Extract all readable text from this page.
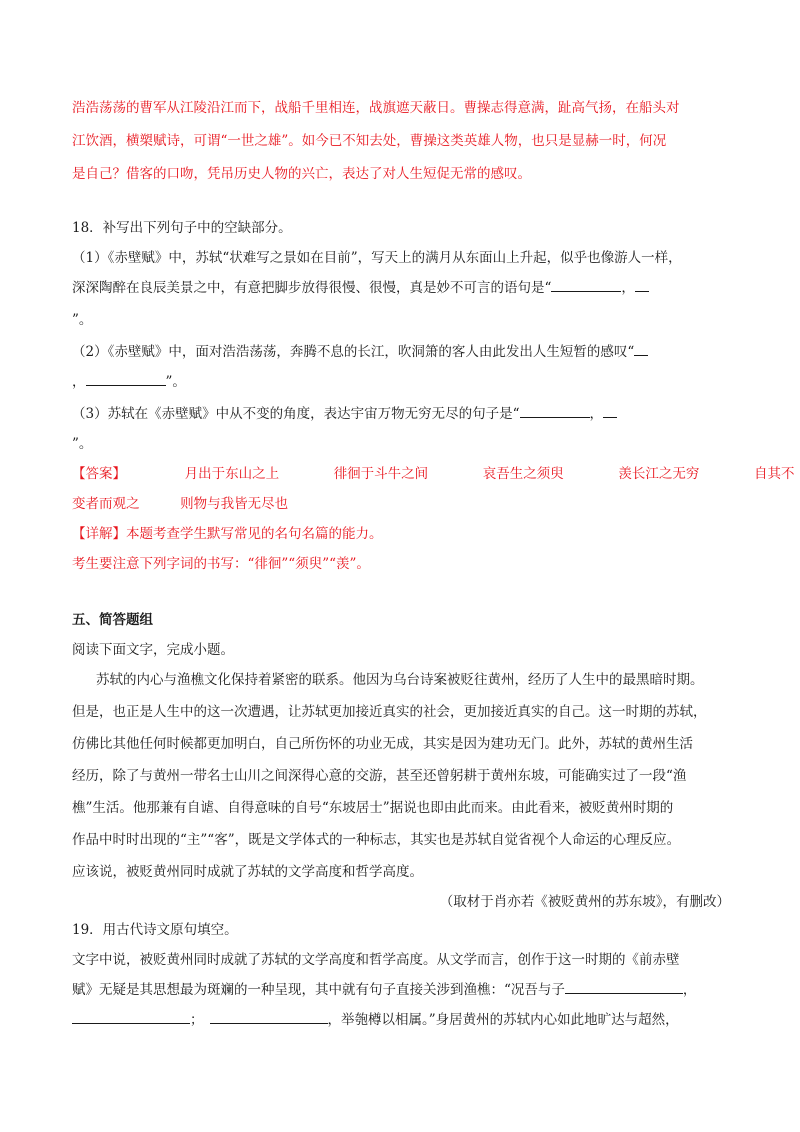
浩浩荡荡的曹军从江陵沿江而下，战船千里相连，战旗遮天蔽日。曹操志得意满，趾高气扬，在船头对
江饮酒，横槊赋诗，可谓“一世之雄”。如今已不知去处，曹操这类英雄人物，也只是显赫一时，何况
是自己？借客的口吻，凭吊历史人物的兴亡，表达了对人生短促无常的感叹。
18．补写出下列句子中的空缺部分。
（1）《赤壁赋》中，苏轼“状难写之景如在目前”，写天上的满月从东面山上升起，似乎也像游人一样，
深深陶醉在良辰美景之中，有意把脚步放得很慢、很慢，真是妙不可言的语句是“	，
”。
（2）《赤壁赋》中，面对浩浩荡荡，奔腾不息的长江，吹洞箫的客人由此发出人生短暂的感叹“
，	”。
（3）苏轼在《赤壁赋》中从不变的角度，表达宇宙万物无穷无尽的句子是“	，
”。
【答案】	月出于东山之上	徘徊于斗牛之间	哀吾生之须臾	羡长江之无穷	自其不
变者而观之	则物与我皆无尽也
【详解】本题考查学生默写常见的名句名篇的能力。
考生要注意下列字词的书写：“徘徊”“须臾”“羡”。
五、简答题组
阅读下面文字，完成小题。
苏轼的内心与渔樵文化保持着紧密的联系。他因为乌台诗案被贬往黄州，经历了人生中的最黑暗时期。
但是，也正是人生中的这一次遭遇，让苏轼更加接近真实的社会，更加接近真实的自己。这一时期的苏轼，
仿佛比其他任何时候都更加明白，自己所伤怀的功业无成，其实是因为建功无门。此外，苏轼的黄州生活
经历，除了与黄州一带名士山川之间深得心意的交游，甚至还曾躬耕于黄州东坡，可能确实过了一段“渔
樵”生活。他那兼有自谑、自得意味的自号“东坡居士”据说也即由此而来。由此看来，被贬黄州时期的
作品中时时出现的“主”“客”，既是文学体式的一种标志，其实也是苏轼自觉省视个人命运的心理反应。
应该说，被贬黄州同时成就了苏轼的文学高度和哲学高度。
（取材于肖亦若《被贬黄州的苏东坡》，有删改）
19．用古代诗文原句填空。
文字中说，被贬黄州同时成就了苏轼的文学高度和哲学高度。从文学而言，创作于这一时期的《前赤壁
赋》无疑是其思想最为斑斓的一种呈现，其中就有句子直接关涉到渔樵：“况吾与子	，
；	，举匏樽以相属。”身居黄州的苏轼内心如此地旷达与超然，
